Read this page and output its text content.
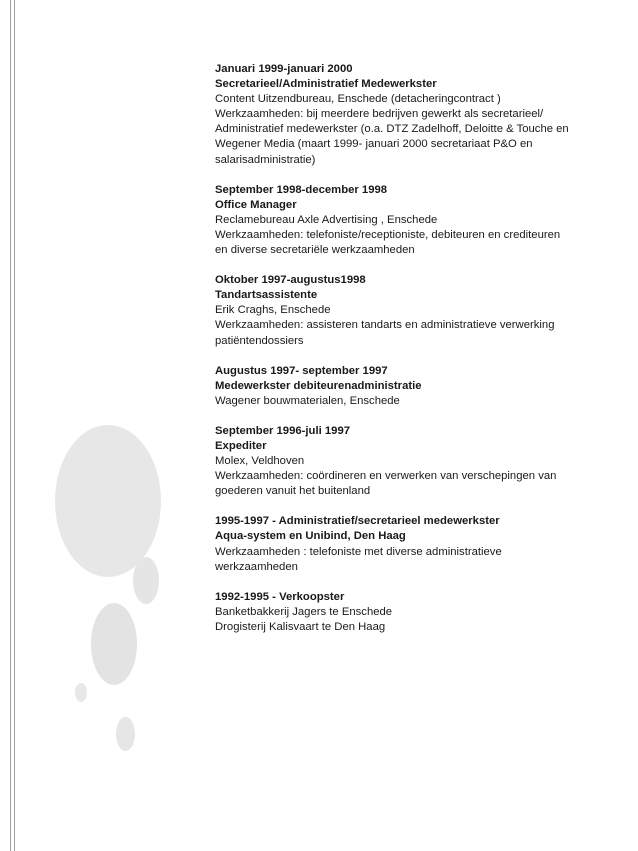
Januari 1999-januari 2000
Secretarieel/Administratief Medewerkster
Content Uitzendbureau, Enschede (detacheringcontract )
Werkzaamheden: bij meerdere bedrijven gewerkt als secretarieel/
Administratief medewerkster (o.a. DTZ Zadelhoff, Deloitte & Touche en
Wegener Media (maart 1999- januari 2000 secretariaat P&O en
salarisadministratie)
September 1998-december 1998
Office Manager
Reclamebureau Axle Advertising , Enschede
Werkzaamheden: telefoniste/receptioniste, debiteuren en crediteuren
en diverse secretariële werkzaamheden
Oktober 1997-augustus1998
Tandartsassistente
Erik Craghs, Enschede
Werkzaamheden: assisteren tandarts en administratieve verwerking
patiëntendossiers
Augustus 1997- september 1997
Medewerkster debiteurenadministratie
Wagener bouwmaterialen, Enschede
September 1996-juli 1997
Expediter
Molex, Veldhoven
Werkzaamheden: coördineren en verwerken van verschepingen van
goederen vanuit het buitenland
1995-1997 - Administratief/secretarieel medewerkster
Aqua-system en Unibind, Den Haag
Werkzaamheden : telefoniste met diverse administratieve
werkzaamheden
1992-1995 - Verkoopster
Banketbakkerij Jagers te Enschede
Drogisterij Kalisvaart te Den Haag
